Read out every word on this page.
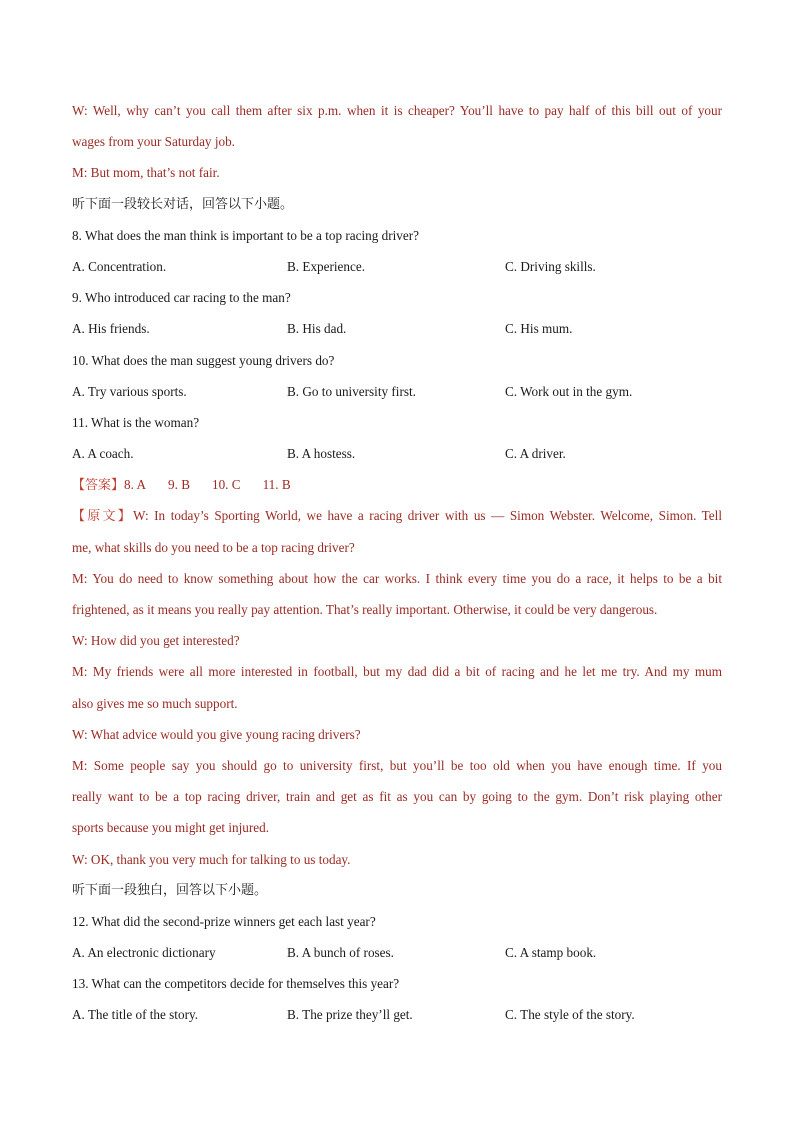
W: Well, why can’t you call them after six p.m. when it is cheaper? You’ll have to pay half of this bill out of your
wages from your Saturday job.
M: But mom, that’s not fair.
听下面一段较长对话，回答以下小题。
8. What does the man think is important to be a top racing driver?
A. Concentration.	B. Experience.	C. Driving skills.
9. Who introduced car racing to the man?
A. His friends.	B. His dad.	C. His mum.
10. What does the man suggest young drivers do?
A. Try various sports.	B. Go to university first.	C. Work out in the gym.
11. What is the woman?
A. A coach.	B. A hostess.	C. A driver.
【答案】8. A 9. B 10. C 11. B
【原文】W: In today’s Sporting World, we have a racing driver with us — Simon Webster. Welcome, Simon. Tell
me, what skills do you need to be a top racing driver?
M: You do need to know something about how the car works. I think every time you do a race, it helps to be a bit
frightened, as it means you really pay attention. That’s really important. Otherwise, it could be very dangerous.
W: How did you get interested?
M: My friends were all more interested in football, but my dad did a bit of racing and he let me try. And my mum
also gives me so much support.
W: What advice would you give young racing drivers?
M: Some people say you should go to university first, but you’ll be too old when you have enough time. If you
really want to be a top racing driver, train and get as fit as you can by going to the gym. Don’t risk playing other
sports because you might get injured.
W: OK, thank you very much for talking to us today.
听下面一段独白，回答以下小题。
12. What did the second-prize winners get each last year?
A. An electronic dictionary	B. A bunch of roses.	C. A stamp book.
13. What can the competitors decide for themselves this year?
A. The title of the story.	B. The prize they’ll get.	C. The style of the story.
